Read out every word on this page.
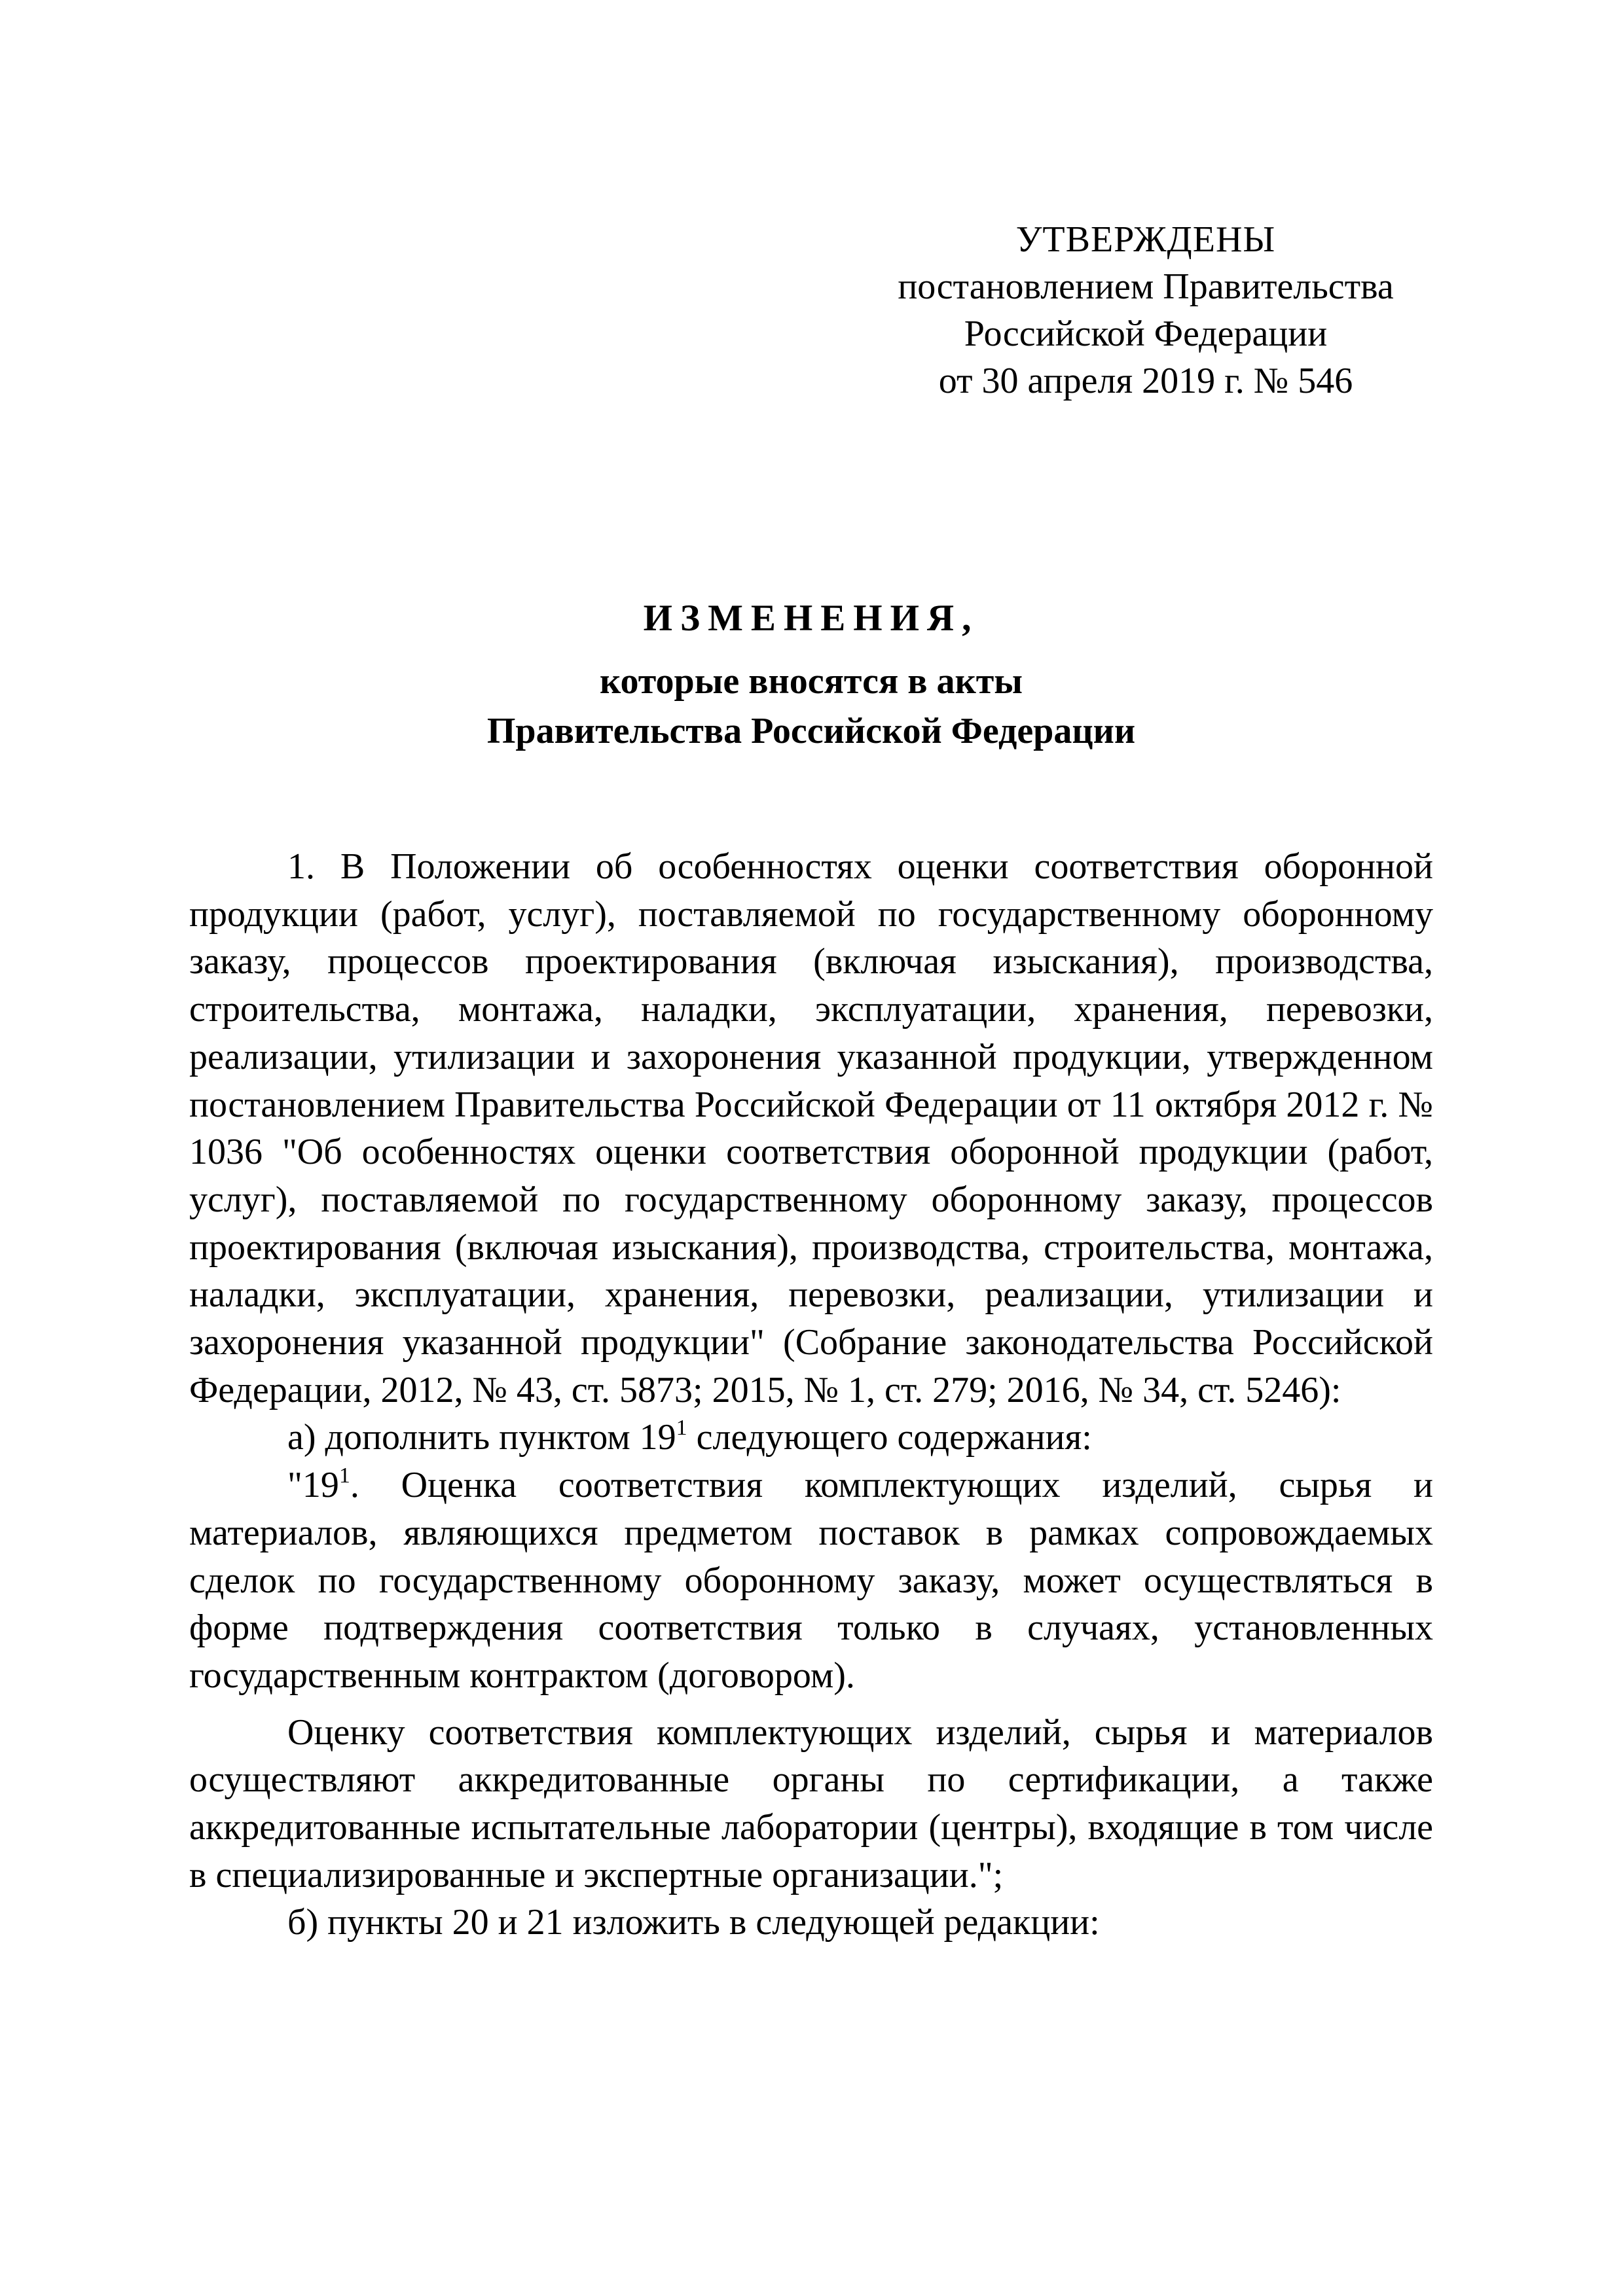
УТВЕРЖДЕНЫ
постановлением Правительства
Российской Федерации
от 30 апреля 2019 г. № 546
ИЗМЕНЕНИЯ,
которые вносятся в акты
Правительства Российской Федерации

1. В Положении об особенностях оценки соответствия оборонной продукции (работ, услуг), поставляемой по государственному оборонному заказу, процессов проектирования (включая изыскания), производства, строительства, монтажа, наладки, эксплуатации, хранения, перевозки, реализации, утилизации и захоронения указанной продукции, утвержденном постановлением Правительства Российской Федерации от 11 октября 2012 г. № 1036 "Об особенностях оценки соответствия оборонной продукции (работ, услуг), поставляемой по государственному оборонному заказу, процессов проектирования (включая изыскания), производства, строительства, монтажа, наладки, эксплуатации, хранения, перевозки, реализации, утилизации и захоронения указанной продукции" (Собрание законодательства Российской Федерации, 2012, № 43, ст. 5873; 2015, № 1, ст. 279; 2016, № 34, ст. 5246):

а) дополнить пунктом $19^1$ следующего содержания:

"$19^1$. Оценка соответствия комплектующих изделий, сырья и материалов, являющихся предметом поставок в рамках сопровождаемых сделок по государственному оборонному заказу, может осуществляться в форме подтверждения соответствия только в случаях, установленных государственным контрактом (договором).

Оценку соответствия комплектующих изделий, сырья и материалов осуществляют аккредитованные органы по сертификации, а также аккредитованные испытательные лаборатории (центры), входящие в том числе в специализированные и экспертные организации.";

б) пункты 20 и 21 изложить в следующей редакции:
